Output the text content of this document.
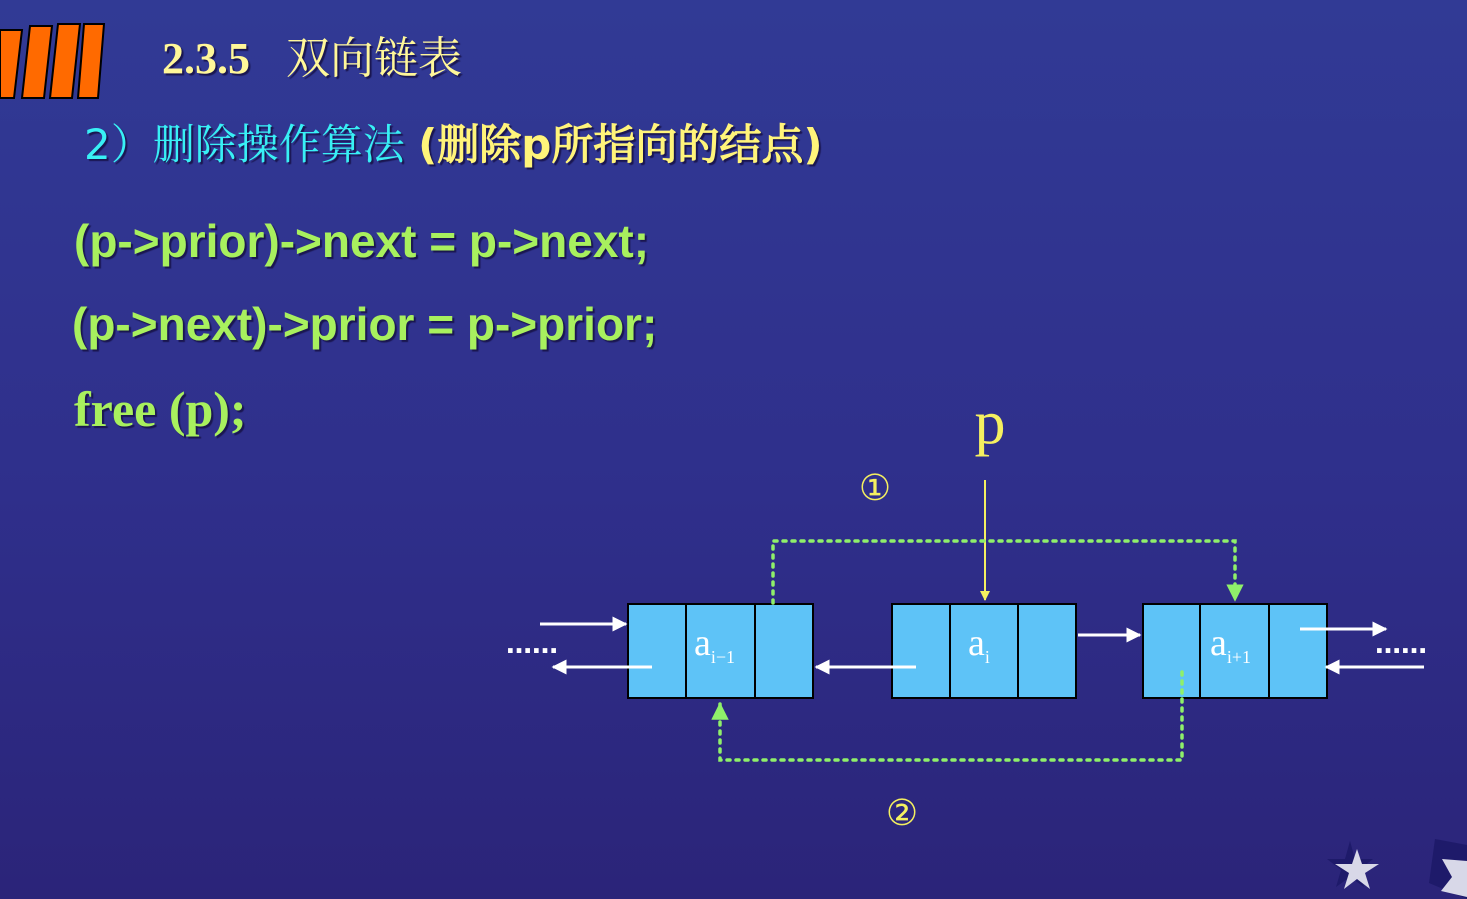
2.3.5 双向链表
2）删除操作算法 (删除p所指向的结点)
(p->prior)->next = p->next;
(p->next)->prior = p->prior;
free (p);	p
①
②
$a_{i-1}$	$a_i$	$a_{i+1}$
……	……
